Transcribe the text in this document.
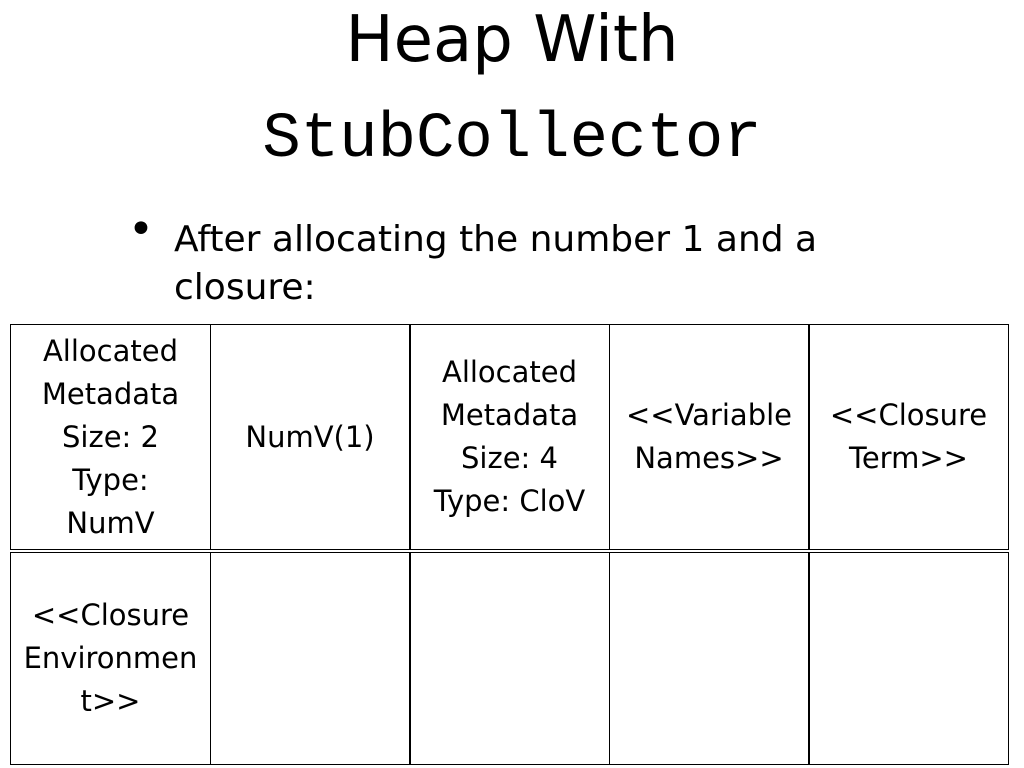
Heap With
StubCollector
• After allocating the number 1 and a closure:
Allocated
Metadata
Size: 2
Type:
NumV
NumV(1)
Allocated
Metadata
Size: 4
Type: CloV
<<Variable
Names>>
<<Closure
Term>>
<<Closure
Environmen
t>>
